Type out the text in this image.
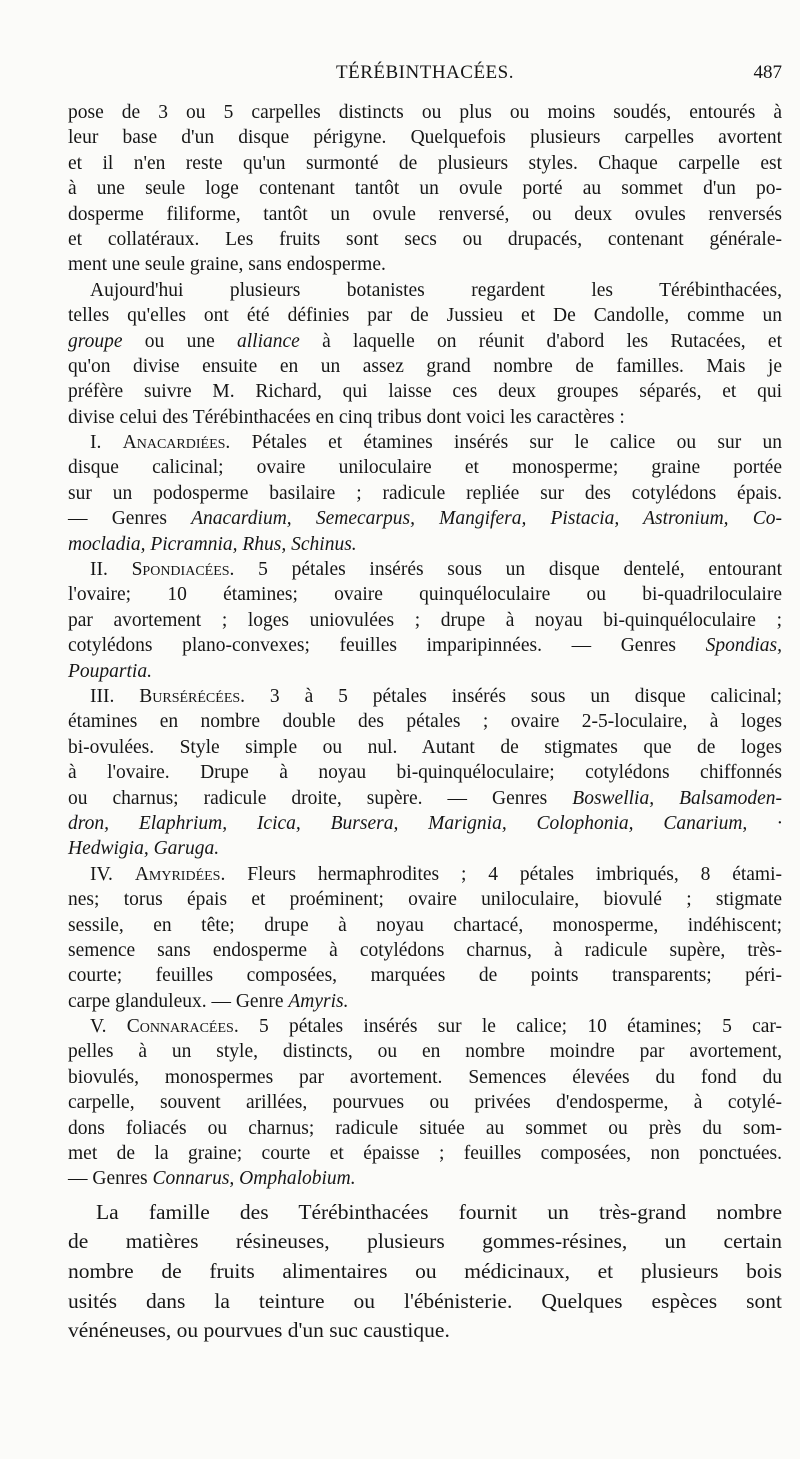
TÉRÉBINTHACÉES.	487
pose de 3 ou 5 carpelles distincts ou plus ou moins soudés, entourés à
leur base d'un disque périgyne. Quelquefois plusieurs carpelles avortent
et il n'en reste qu'un surmonté de plusieurs styles. Chaque carpelle est
à une seule loge contenant tantôt un ovule porté au sommet d'un po-
dosperme filiforme, tantôt un ovule renversé, ou deux ovules renversés
et collatéraux. Les fruits sont secs ou drupacés, contenant générale-
ment une seule graine, sans endosperme.
Aujourd'hui plusieurs botanistes regardent les Térébinthacées,
telles qu'elles ont été définies par de Jussieu et De Candolle, comme un
groupe ou une alliance à laquelle on réunit d'abord les Rutacées, et
qu'on divise ensuite en un assez grand nombre de familles. Mais je
préfère suivre M. Richard, qui laisse ces deux groupes séparés, et qui
divise celui des Térébinthacées en cinq tribus dont voici les caractères :
I. Anacardiées. Pétales et étamines insérés sur le calice ou sur un
disque calicinal; ovaire uniloculaire et monosperme; graine portée
sur un podosperme basilaire ; radicule repliée sur des cotylédons épais.
— Genres Anacardium, Semecarpus, Mangifera, Pistacia, Astronium, Co-
mocladia, Picramnia, Rhus, Schinus.
II. Spondiacées. 5 pétales insérés sous un disque dentelé, entourant
l'ovaire; 10 étamines; ovaire quinquéloculaire ou bi-quadriloculaire
par avortement ; loges uniovulées ; drupe à noyau bi-quinquéloculaire ;
cotylédons plano-convexes; feuilles imparipinnées. — Genres Spondias,
Poupartia.
III. Bursérécées. 3 à 5 pétales insérés sous un disque calicinal;
étamines en nombre double des pétales ; ovaire 2-5-loculaire, à loges
bi-ovulées. Style simple ou nul. Autant de stigmates que de loges
à l'ovaire. Drupe à noyau bi-quinquéloculaire; cotylédons chiffonnés
ou charnus; radicule droite, supère. — Genres Boswellia, Balsamoden-
dron, Elaphrium, Icica, Bursera, Marignia, Colophonia, Canarium, ·
Hedwigia, Garuga.
IV. Amyridées. Fleurs hermaphrodites ; 4 pétales imbriqués, 8 étami-
nes; torus épais et proéminent; ovaire uniloculaire, biovulé ; stigmate
sessile, en tête; drupe à noyau chartacé, monosperme, indéhiscent;
semence sans endosperme à cotylédons charnus, à radicule supère, très-
courte; feuilles composées, marquées de points transparents; péri-
carpe glanduleux. — Genre Amyris.
V. Connaracées. 5 pétales insérés sur le calice; 10 étamines; 5 car-
pelles à un style, distincts, ou en nombre moindre par avortement,
biovulés, monospermes par avortement. Semences élevées du fond du
carpelle, souvent arillées, pourvues ou privées d'endosperme, à cotylé-
dons foliacés ou charnus; radicule située au sommet ou près du som-
met de la graine; courte et épaisse ; feuilles composées, non ponctuées.
— Genres Connarus, Omphalobium.
La famille des Térébinthacées fournit un très-grand nombre
de matières résineuses, plusieurs gommes-résines, un certain
nombre de fruits alimentaires ou médicinaux, et plusieurs bois
usités dans la teinture ou l'ébénisterie. Quelques espèces sont
vénéneuses, ou pourvues d'un suc caustique.
